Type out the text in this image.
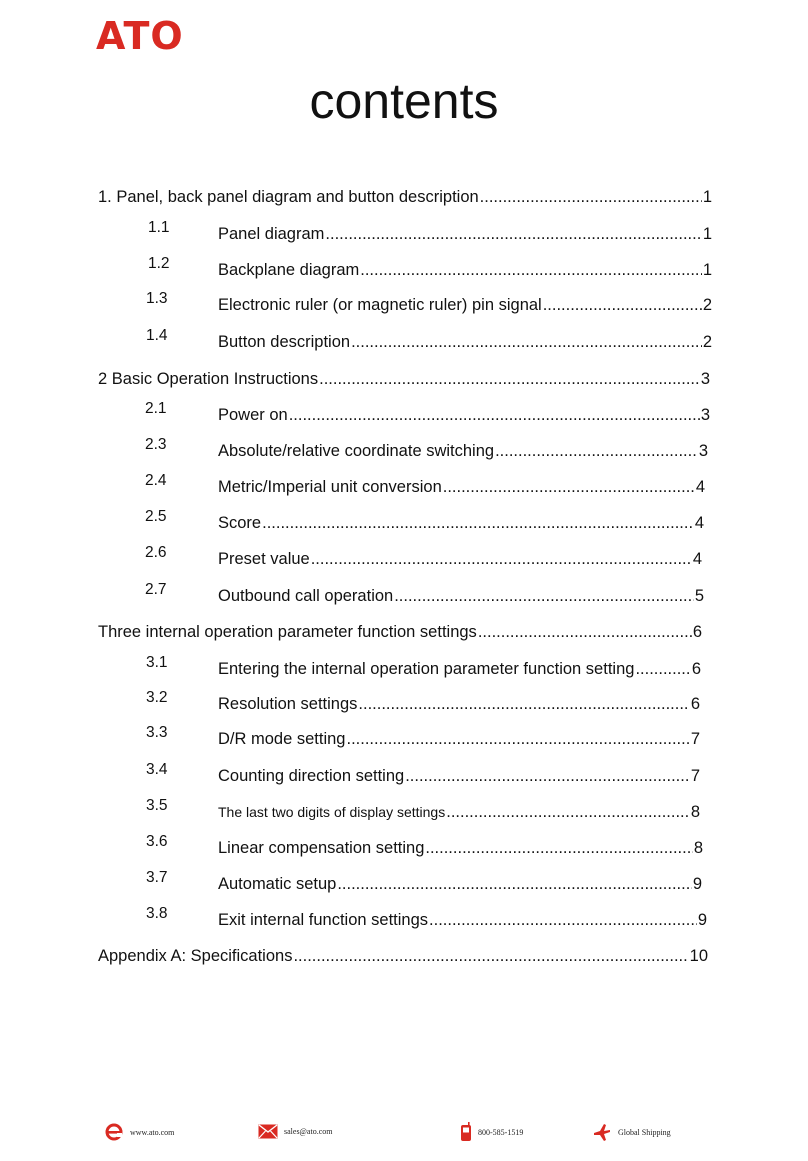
ATO
contents
1. Panel, back panel diagram and button description .....	1
1.1	Panel diagram .....	1
1.2	Backplane diagram .....	1
1.3	Electronic ruler (or magnetic ruler) pin signal .....	2
1.4	Button description .....	2
2 Basic Operation Instructions .....	3
2.1	Power on .....	3
2.3	Absolute/relative coordinate switching .....	3
2.4	Metric/Imperial unit conversion .....	4
2.5	Score .....	4
2.6	Preset value .....	4
2.7	Outbound call operation .....	5
Three internal operation parameter function settings .....	6
3.1	Entering the internal operation parameter function setting .....	6
3.2	Resolution settings .....	6
3.3	D/R mode setting .....	7
3.4	Counting direction setting .....	7
3.5	The last two digits of display settings .....	8
3.6	Linear compensation setting .....	8
3.7	Automatic setup .....	9
3.8	Exit internal function settings .....	9
Appendix A: Specifications .....	10
www.ato.com	sales@ato.com	800-585-1519	Global Shipping
